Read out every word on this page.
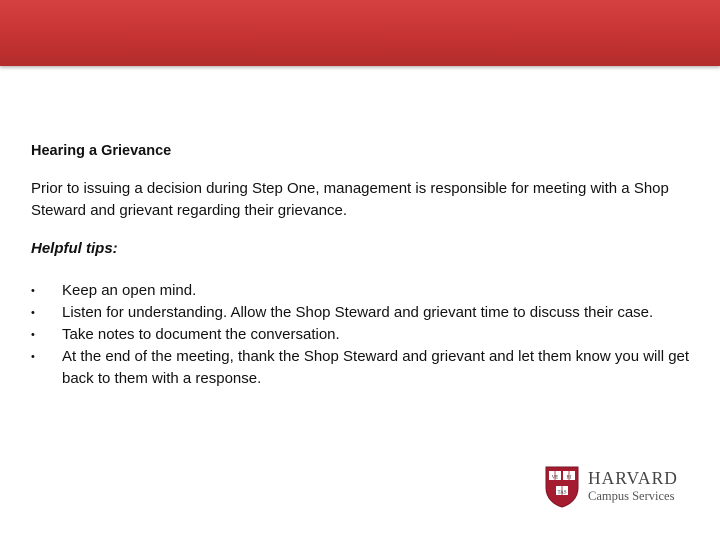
Hearing a Grievance

Prior to issuing a decision during Step One, management is responsible for meeting with a Shop Steward and grievant regarding their grievance.

Helpful tips:

•	Keep an open mind.
•	Listen for understanding. Allow the Shop Steward and grievant time to discuss their case.
•	Take notes to document the conversation.
•	At the end of the meeting, thank the Shop Steward and grievant and let them know you will get back to them with a response.
VE RI
TAS
HARVARD
Campus Services
